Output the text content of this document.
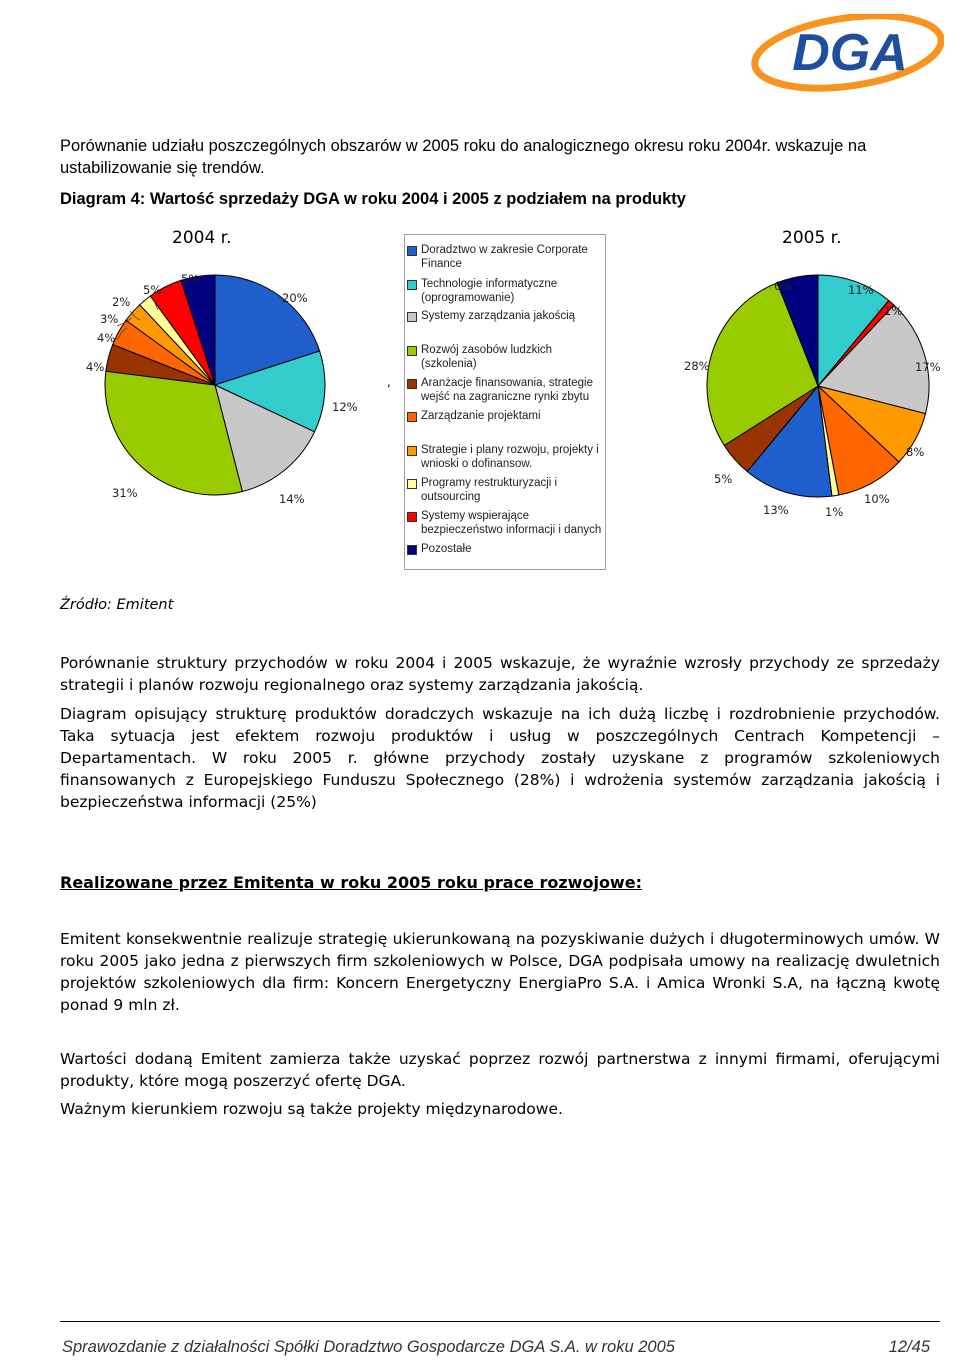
DGA

Porównanie udziału poszczególnych obszarów w 2005 roku do analogicznego okresu roku 2004r. wskazuje na ustabilizowanie się trendów.

Diagram 4: Wartość sprzedaży DGA w roku 2004 i 2005 z podziałem na produkty

2004 r.	2005 r.
20%
12%
14%
31%
4%
4%
3%
2%
5%
5%	6%	11%
1%
17%
8%
10%
1%
13%
5%
28%
,
Doradztwo w zakresie Corporate Finance
Technologie informatyczne (oprogramowanie)
Systemy zarządzania jakością
Rozwój zasobów ludzkich (szkolenia)
Aranżacje finansowania, strategie wejść na zagraniczne rynki zbytu
Zarządzanie projektami
Strategie i plany rozwoju, projekty i wnioski o dofinansow.
Programy restrukturyzacji i outsourcing
Systemy wspierające bezpieczeństwo informacji i danych
Pozostałe

Źródło: Emitent

Porównanie struktury przychodów w roku 2004 i 2005 wskazuje, że wyraźnie wzrosły przychody ze sprzedaży strategii i planów rozwoju regionalnego oraz systemy zarządzania jakością.

Diagram opisujący strukturę produktów doradczych wskazuje na ich dużą liczbę i rozdrobnienie przychodów. Taka sytuacja jest efektem rozwoju produktów i usług w poszczególnych Centrach Kompetencji – Departamentach. W roku 2005 r. główne przychody zostały uzyskane z programów szkoleniowych finansowanych z Europejskiego Funduszu Społecznego (28%) i wdrożenia systemów zarządzania jakością i bezpieczeństwa informacji (25%)

Realizowane przez Emitenta w roku 2005 roku prace rozwojowe:

Emitent konsekwentnie realizuje strategię ukierunkowaną na pozyskiwanie dużych i długoterminowych umów. W roku 2005 jako jedna z pierwszych firm szkoleniowych w Polsce, DGA podpisała umowy na realizację dwuletnich projektów szkoleniowych dla firm: Koncern Energetyczny EnergiaPro S.A. i Amica Wronki S.A, na łączną kwotę ponad 9 mln zł.

Wartości dodaną Emitent zamierza także uzyskać poprzez rozwój partnerstwa z innymi firmami, oferującymi produkty, które mogą poszerzyć ofertę DGA.

Ważnym kierunkiem rozwoju są także projekty międzynarodowe.

Sprawozdanie z działalności Spółki Doradztwo Gospodarcze DGA S.A. w roku 2005	12/45
